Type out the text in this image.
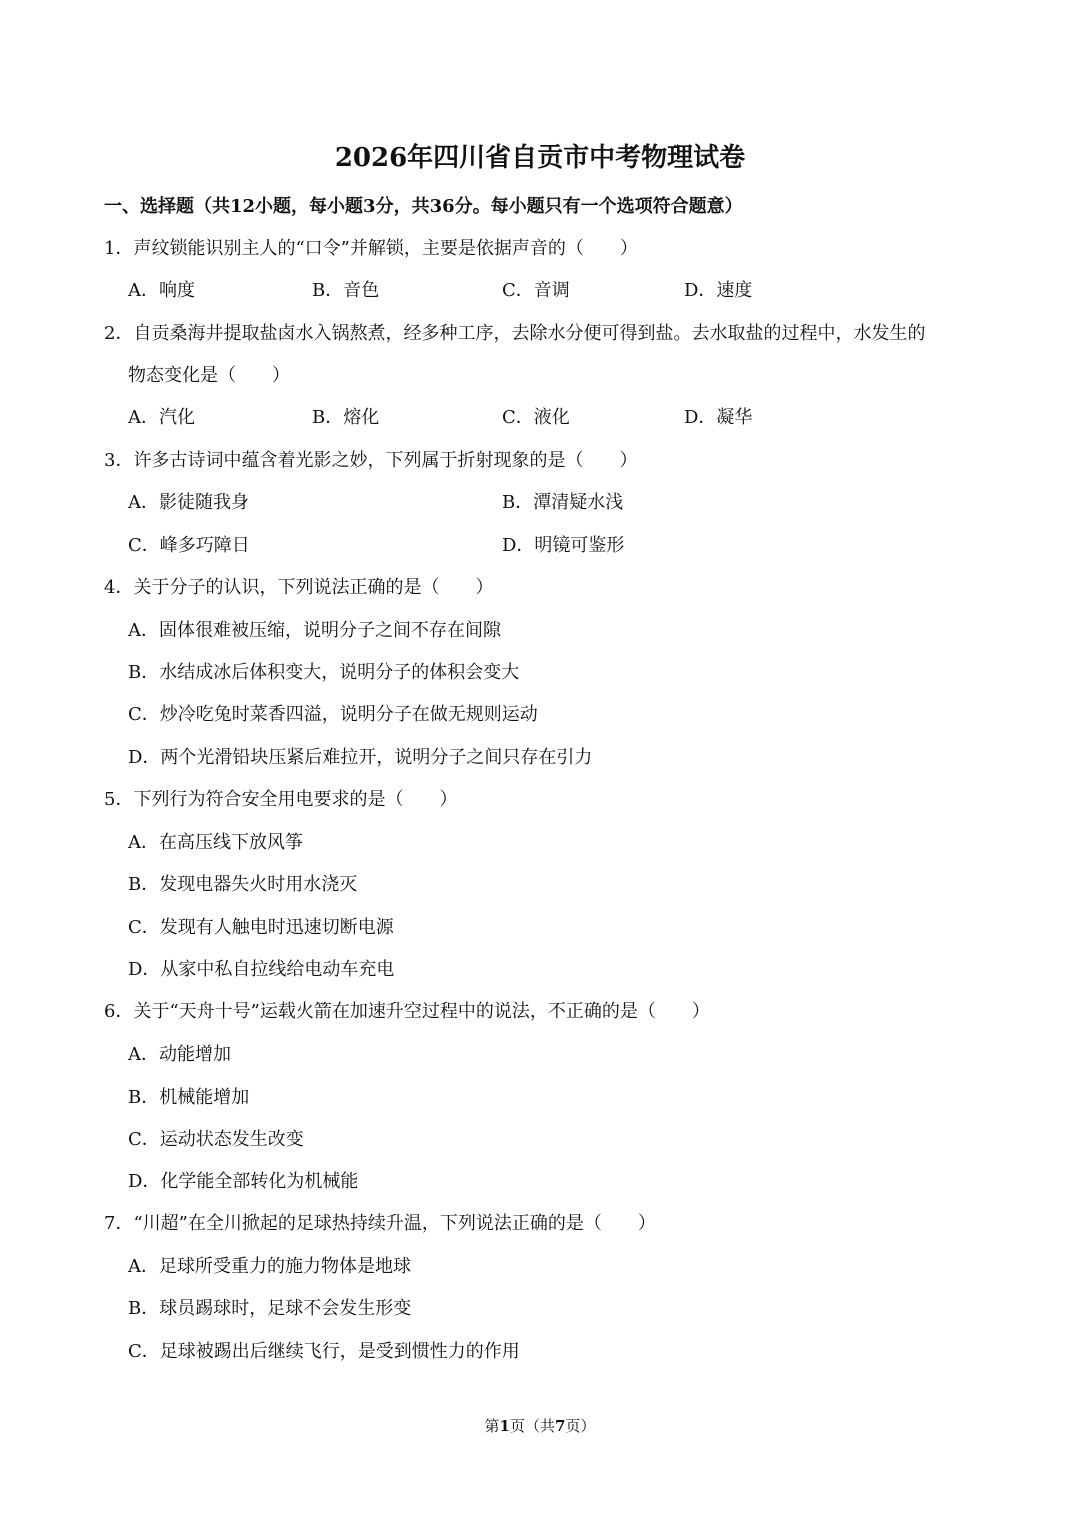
2026年四川省自贡市中考物理试卷
一、选择题（共12小题，每小题3分，共36分。每小题只有一个选项符合题意）
1．声纹锁能识别主人的“口令”并解锁，主要是依据声音的（　　）
A．响度	B．音色	C．音调	D．速度
2．自贡桑海井提取盐卤水入锅熬煮，经多种工序，去除水分便可得到盐。去水取盐的过程中，水发生的
物态变化是（　　）
A．汽化	B．熔化	C．液化	D．凝华
3．许多古诗词中蕴含着光影之妙，下列属于折射现象的是（　　）
A．影徒随我身	B．潭清疑水浅
C．峰多巧障日	D．明镜可鉴形
4．关于分子的认识，下列说法正确的是（　　）
A．固体很难被压缩，说明分子之间不存在间隙
B．水结成冰后体积变大，说明分子的体积会变大
C．炒冷吃兔时菜香四溢，说明分子在做无规则运动
D．两个光滑铅块压紧后难拉开，说明分子之间只存在引力
5．下列行为符合安全用电要求的是（　　）
A．在高压线下放风筝
B．发现电器失火时用水浇灭
C．发现有人触电时迅速切断电源
D．从家中私自拉线给电动车充电
6．关于“天舟十号”运载火箭在加速升空过程中的说法，不正确的是（　　）
A．动能增加
B．机械能增加
C．运动状态发生改变
D．化学能全部转化为机械能
7．“川超”在全川掀起的足球热持续升温，下列说法正确的是（　　）
A．足球所受重力的施力物体是地球
B．球员踢球时，足球不会发生形变
C．足球被踢出后继续飞行，是受到惯性力的作用
第1页（共7页）
